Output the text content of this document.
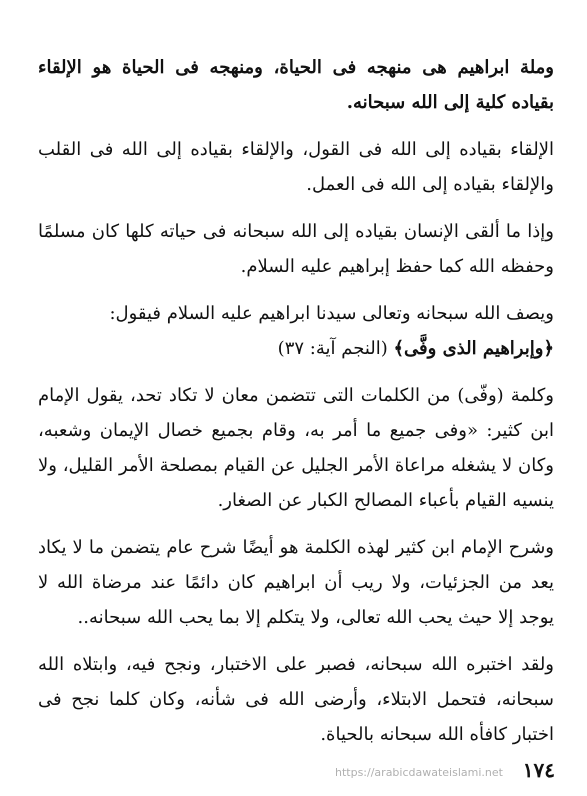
وملة ابراهيم هى منهجه فى الحياة، ومنهجه فى الحياة هو الإلقاء بقياده كلية إلى الله سبحانه.

الإلقاء بقياده إلى الله فى القول، والإلقاء بقياده إلى الله فى القلب والإلقاء بقياده إلى الله فى العمل.

وإذا ما ألقى الإنسان بقياده إلى الله سبحانه فى حياته كلها كان مسلمًا وحفظه الله كما حفظ إبراهيم عليه السلام.

ويصف الله سبحانه وتعالى سيدنا ابراهيم عليه السلام فيقول:

﴿وإبراهيم الذى وفَّى﴾ (النجم آية: ٣٧)

وكلمة (وفّى) من الكلمات التى تتضمن معان لا تكاد تحد، يقول الإمام ابن كثير: «وفى جميع ما أمر به، وقام بجميع خصال الإيمان وشعبه، وكان لا يشغله مراعاة الأمر الجليل عن القيام بمصلحة الأمر القليل، ولا ينسيه القيام بأعباء المصالح الكبار عن الصغار.

وشرح الإمام ابن كثير لهذه الكلمة هو أيضًا شرح عام يتضمن ما لا يكاد يعد من الجزئيات، ولا ريب أن ابراهيم كان دائمًا عند مرضاة الله لا يوجد إلا حيث يحب الله تعالى، ولا يتكلم إلا بما يحب الله سبحانه..

ولقد اختبره الله سبحانه، فصبر على الاختبار، ونجح فيه، وابتلاه الله سبحانه، فتحمل الابتلاء، وأرضى الله فى شأنه، وكان كلما نجح فى اختبار كافأه الله سبحانه بالحياة.

https://arabicdawateislami.net ١٧٤
